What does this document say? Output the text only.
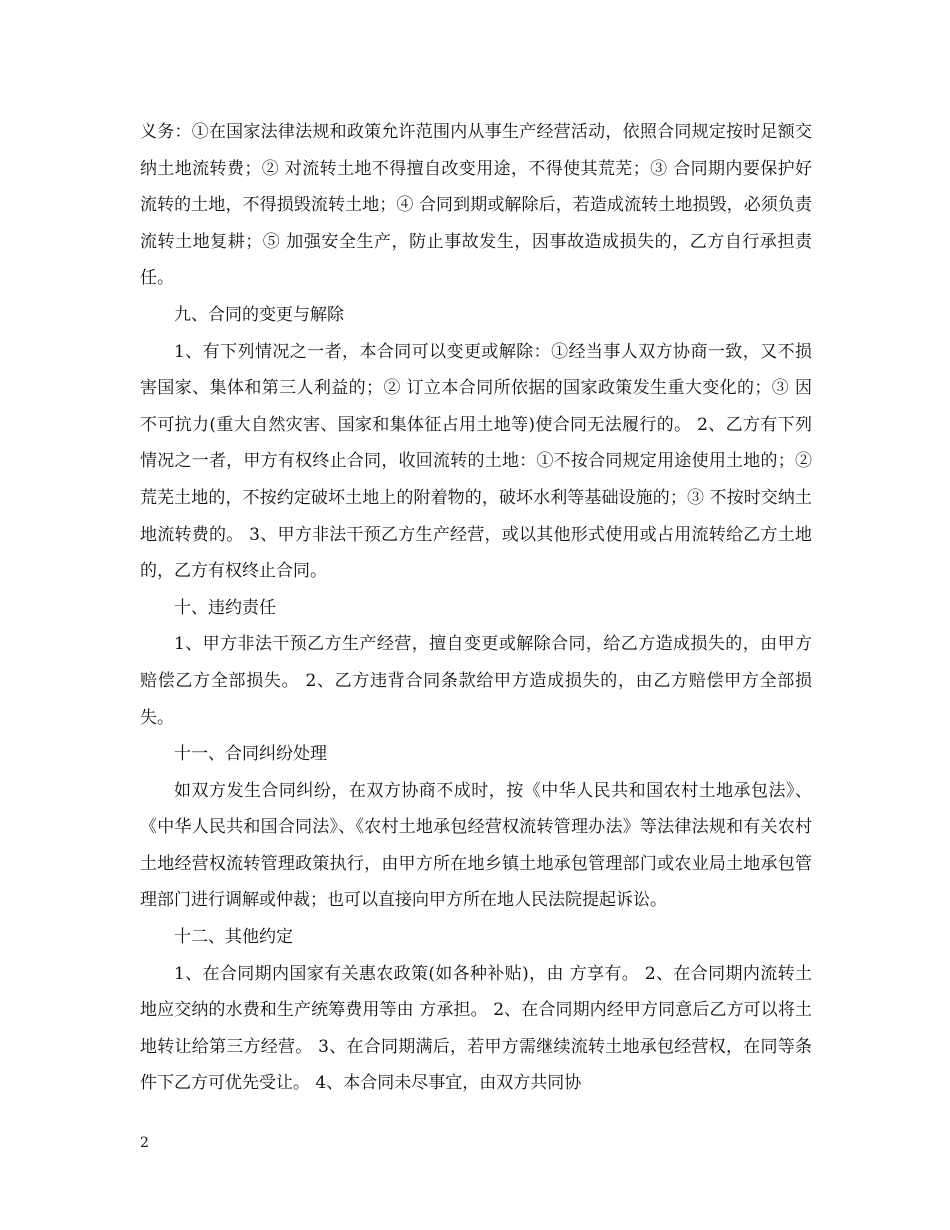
义务：①在国家法律法规和政策允许范围内从事生产经营活动，依照合同规定按时足额交纳土地流转费；② 对流转土地不得擅自改变用途，不得使其荒芜；③ 合同期内要保护好流转的土地，不得损毁流转土地；④ 合同到期或解除后，若造成流转土地损毁，必须负责 流转土地复耕；⑤ 加强安全生产，防止事故发生，因事故造成损失的，乙方自行承担责任。

九、合同的变更与解除

1、有下列情况之一者，本合同可以变更或解除：①经当事人双方协商一致，又不损害国家、集体和第三人利益的；② 订立本合同所依据的国家政策发生重大变化的；③ 因不可抗力(重大自然灾害、国家和集体征占用土地等)使合同无法履行的。 2、乙方有下列情况之一者，甲方有权终止合同，收回流转的土地：①不按合同规定用途使用土地的；② 荒芜土地的，不按约定破坏土地上的附着物的，破坏水利等基础设施的；③ 不按时交纳土地流转费的。 3、甲方非法干预乙方生产经营，或以其他形式使用或占用流转给乙方土地的，乙方有权终止合同。

十、违约责任

1、甲方非法干预乙方生产经营，擅自变更或解除合同，给乙方造成损失的，由甲方赔偿乙方全部损失。 2、乙方违背合同条款给甲方造成损失的，由乙方赔偿甲方全部损失。

十一、合同纠纷处理

如双方发生合同纠纷，在双方协商不成时，按《中华人民共和国农村土地承包法》、《中华人民共和国合同法》、《农村土地承包经营权流转管理办法》等法律法规和有关农村土地经营权流转管理政策执行，由甲方所在地乡镇土地承包管理部门或农业局土地承包管理部门进行调解或仲裁；也可以直接向甲方所在地人民法院提起诉讼。

十二、其他约定

1、在合同期内国家有关惠农政策(如各种补贴)，由 方享有。 2、在合同期内流转土地应交纳的水费和生产统筹费用等由 方承担。 2、在合同期内经甲方同意后乙方可以将土地转让给第三方经营。 3、在合同期满后，若甲方需继续流转土地承包经营权，在同等条件下乙方可优先受让。 4、本合同未尽事宜，由双方共同协

2
